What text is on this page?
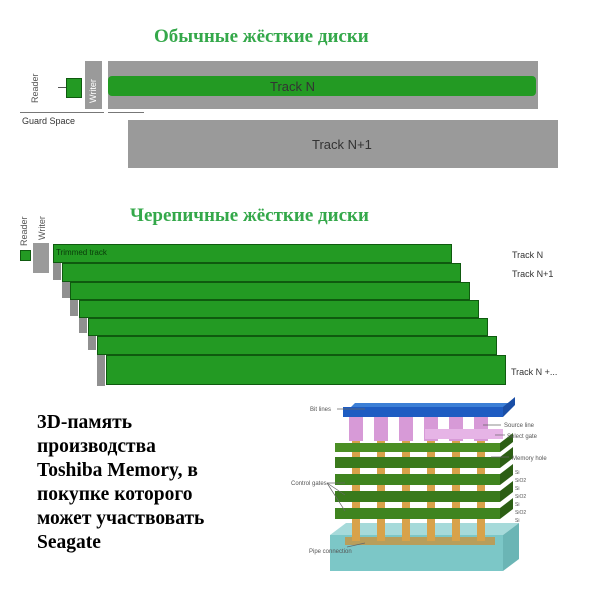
Обычные жёсткие диски
Reader	Writer	Track N
Guard Space
Track N+1
Черепичные жёсткие диски
Reader Writer
Trimmed track	Track N
Track N+1
Track N +...
3D-память
производства
Toshiba Memory, в
покупке которого
может участвовать
Seagate
Bit lines
Source line
Select gate
Memory hole
Control gates
Pipe connection
Si
SiO2
Si
SiO2
Si
SiO2
Si
